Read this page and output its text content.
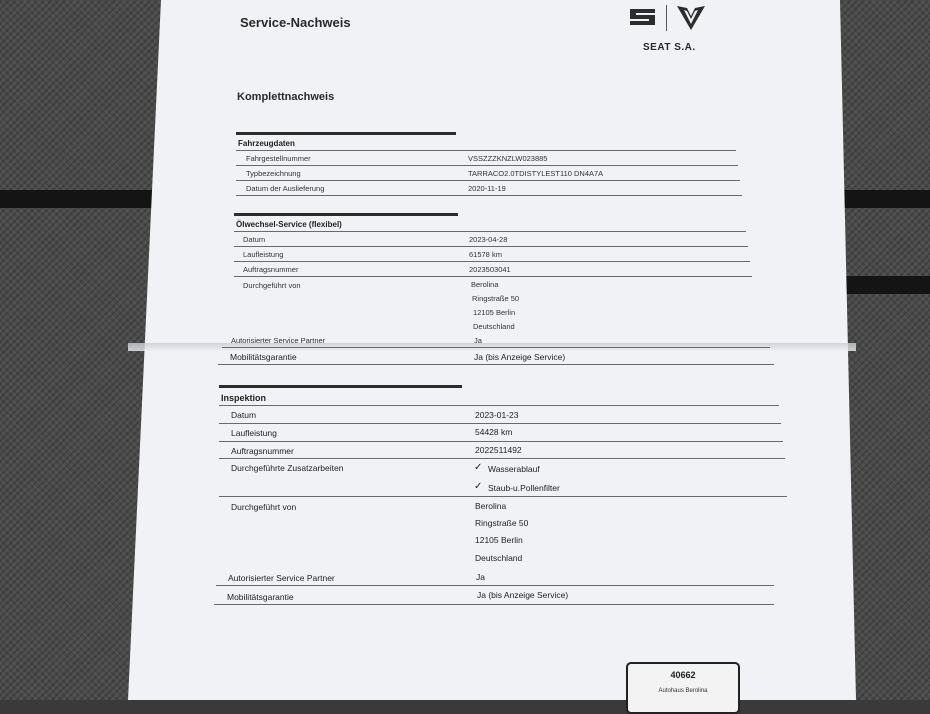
Service-Nachweis
SEAT S.A.
Komplettnachweis
Fahrzeugdaten
Fahrgestellnummer	VSSZZZKNZLW023885
Typbezeichnung	TARRACO2.0TDISTYLEST110 DN4A7A
Datum der Auslieferung	2020-11-19
Ölwechsel-Service (flexibel)
Datum	2023-04-28
Laufleistung	61578 km
Auftragsnummer	2023503041
Durchgeführt von	Berolina
Ringstraße 50
12105 Berlin
Deutschland
Autorisierter Service Partner	Ja
Mobilitätsgarantie	Ja (bis Anzeige Service)
Inspektion
Datum	2023-01-23
Laufleistung	54428 km
Auftragsnummer	2022511492
Durchgeführte Zusatzarbeiten	✓ Wasserablauf
✓ Staub-u.Pollenfilter
Durchgeführt von	Berolina
Ringstraße 50
12105 Berlin
Deutschland
Autorisierter Service Partner	Ja
Mobilitätsgarantie	Ja (bis Anzeige Service)
40662
Autohaus Berolina
